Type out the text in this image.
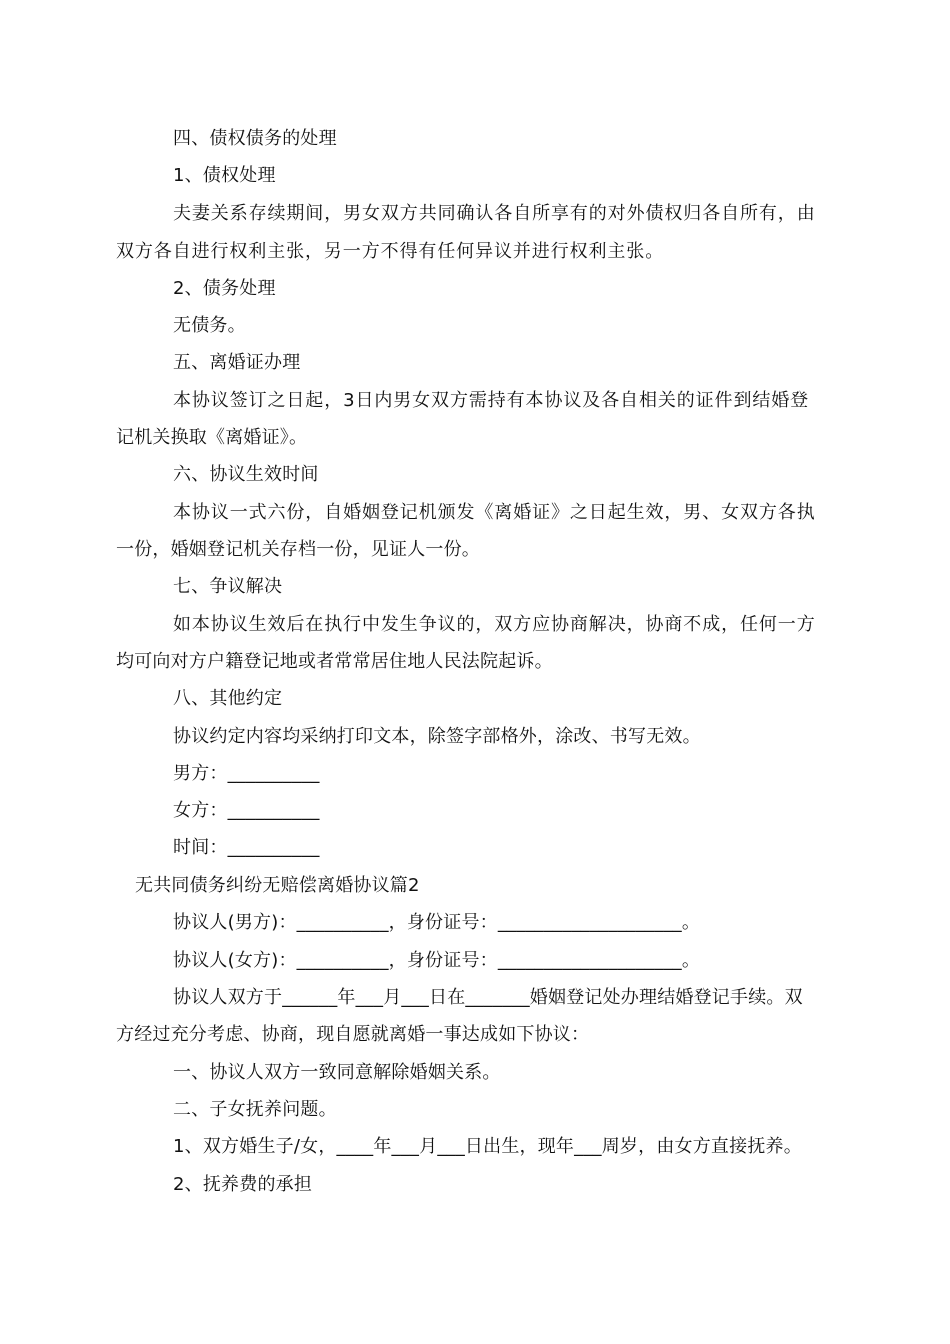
四、债权债务的处理
1、债权处理
夫妻关系存续期间，男女双方共同确认各自所享有的对外债权归各自所有，由
双方各自进行权利主张，另一方不得有任何异议并进行权利主张。
2、债务处理
无债务。
五、离婚证办理
本协议签订之日起，3日内男女双方需持有本协议及各自相关的证件到结婚登
记机关换取《离婚证》。
六、协议生效时间
本协议一式六份，自婚姻登记机颁发《离婚证》之日起生效，男、女双方各执
一份，婚姻登记机关存档一份，见证人一份。
七、争议解决
如本协议生效后在执行中发生争议的，双方应协商解决，协商不成，任何一方
均可向对方户籍登记地或者常常居住地人民法院起诉。
八、其他约定
协议约定内容均采纳打印文本，除签字部格外，涂改、书写无效。
男方：__________
女方：__________
时间：__________
无共同债务纠纷无赔偿离婚协议篇2
协议人(男方)：__________，身份证号：____________________。
协议人(女方)：__________，身份证号：____________________。
协议人双方于______年___月___日在_______婚姻登记处办理结婚登记手续。双
方经过充分考虑、协商，现自愿就离婚一事达成如下协议：
一、协议人双方一致同意解除婚姻关系。
二、子女抚养问题。
1、双方婚生子/女，____年___月___日出生，现年___周岁，由女方直接抚养。
2、抚养费的承担
